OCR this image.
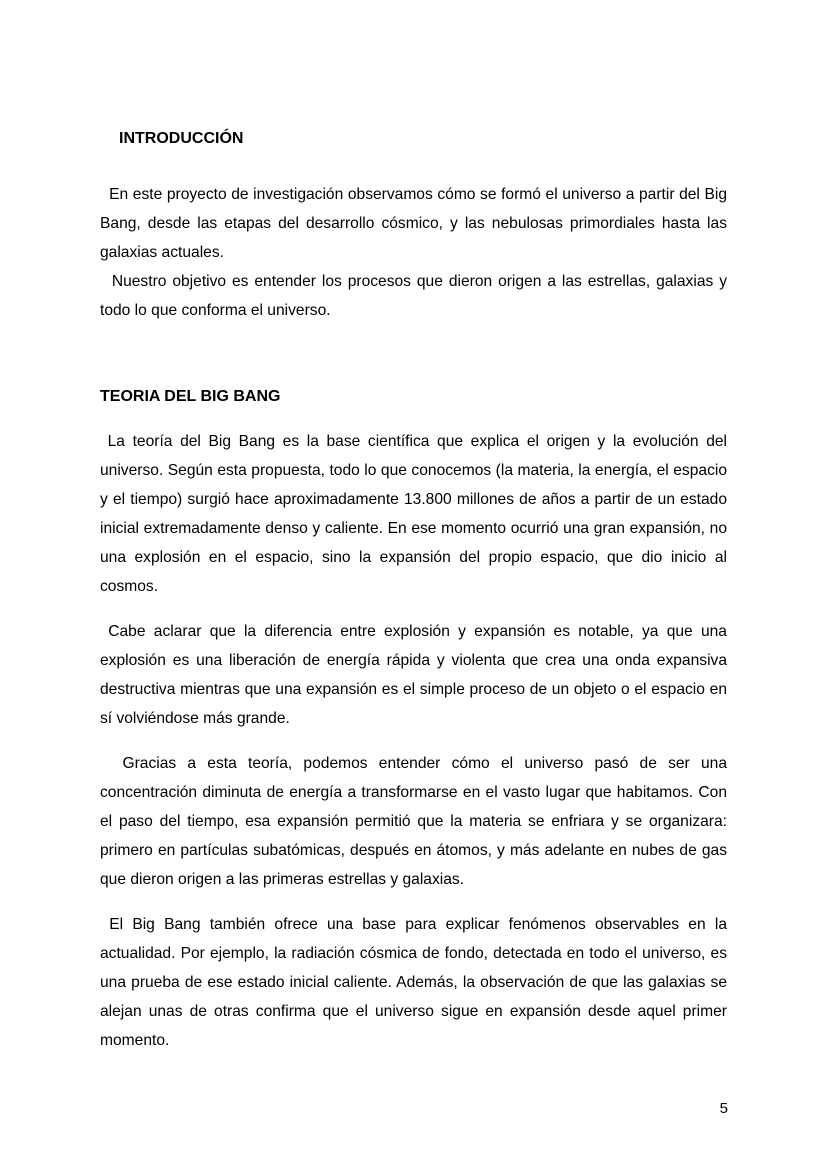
INTRODUCCIÓN

En este proyecto de investigación observamos cómo se formó el universo a partir del Big Bang, desde las etapas del desarrollo cósmico, y las nebulosas primordiales hasta las galaxias actuales.

Nuestro objetivo es entender los procesos que dieron origen a las estrellas, galaxias y todo lo que conforma el universo.

TEORIA DEL BIG BANG

La teoría del Big Bang es la base científica que explica el origen y la evolución del universo. Según esta propuesta, todo lo que conocemos (la materia, la energía, el espacio y el tiempo) surgió hace aproximadamente 13.800 millones de años a partir de un estado inicial extremadamente denso y caliente. En ese momento ocurrió una gran expansión, no una explosión en el espacio, sino la expansión del propio espacio, que dio inicio al cosmos.

Cabe aclarar que la diferencia entre explosión y expansión es notable, ya que una explosión es una liberación de energía rápida y violenta que crea una onda expansiva destructiva mientras que una expansión es el simple proceso de un objeto o el espacio en sí volviéndose más grande.

Gracias a esta teoría, podemos entender cómo el universo pasó de ser una concentración diminuta de energía a transformarse en el vasto lugar que habitamos. Con el paso del tiempo, esa expansión permitió que la materia se enfriara y se organizara: primero en partículas subatómicas, después en átomos, y más adelante en nubes de gas que dieron origen a las primeras estrellas y galaxias.

El Big Bang también ofrece una base para explicar fenómenos observables en la actualidad. Por ejemplo, la radiación cósmica de fondo, detectada en todo el universo, es una prueba de ese estado inicial caliente. Además, la observación de que las galaxias se alejan unas de otras confirma que el universo sigue en expansión desde aquel primer momento.

5
